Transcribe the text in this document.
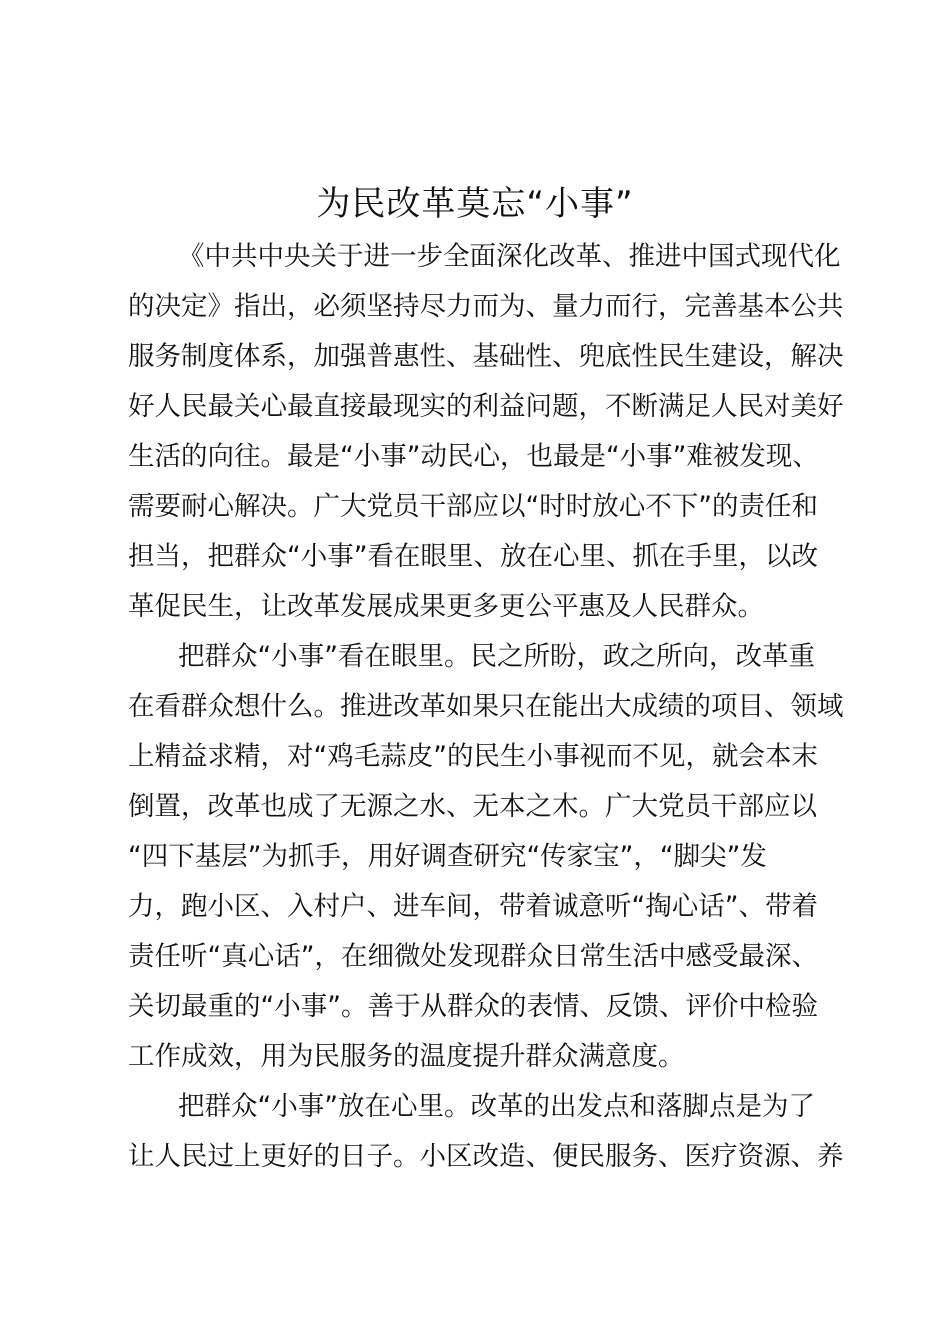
为民改革莫忘“小事”
《中共中央关于进一步全面深化改革、推进中国式现代化
的决定》指出，必须坚持尽力而为、量力而行，完善基本公共
服务制度体系，加强普惠性、基础性、兜底性民生建设，解决
好人民最关心最直接最现实的利益问题，不断满足人民对美好
生活的向往。最是“小事”动民心，也最是“小事”难被发现、
需要耐心解决。广大党员干部应以“时时放心不下”的责任和
担当，把群众“小事”看在眼里、放在心里、抓在手里，以改
革促民生，让改革发展成果更多更公平惠及人民群众。
把群众“小事”看在眼里。民之所盼，政之所向，改革重
在看群众想什么。推进改革如果只在能出大成绩的项目、领域
上精益求精，对“鸡毛蒜皮”的民生小事视而不见，就会本末
倒置，改革也成了无源之水、无本之木。广大党员干部应以
“四下基层”为抓手，用好调查研究“传家宝”，“脚尖”发
力，跑小区、入村户、进车间，带着诚意听“掏心话”、带着
责任听“真心话”，在细微处发现群众日常生活中感受最深、
关切最重的“小事”。善于从群众的表情、反馈、评价中检验
工作成效，用为民服务的温度提升群众满意度。
把群众“小事”放在心里。改革的出发点和落脚点是为了
让人民过上更好的日子。小区改造、便民服务、医疗资源、养
